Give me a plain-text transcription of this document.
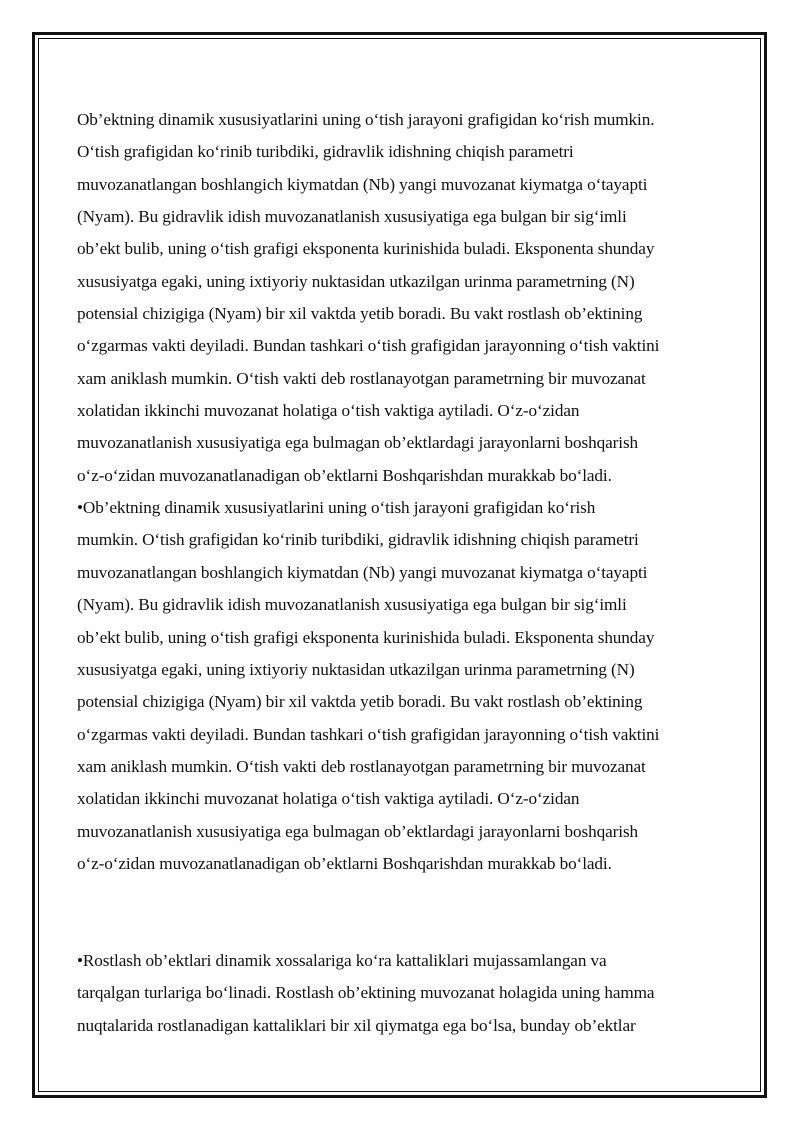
Ob’ektning dinamik xususiyatlarini uning o‘tish jarayoni grafigidan ko‘rish mumkin.
O‘tish grafigidan ko‘rinib turibdiki, gidravlik idishning chiqish parametri
muvozanatlangan boshlangich kiymatdan (Nb) yangi muvozanat kiymatga o‘tayapti
(Nyam). Bu gidravlik idish muvozanatlanish xususiyatiga ega bulgan bir sig‘imli
ob’ekt bulib, uning o‘tish grafigi eksponenta kurinishida buladi. Eksponenta shunday
xususiyatga egaki, uning ixtiyoriy nuktasidan utkazilgan urinma parametrning (N)
potensial chizigiga (Nyam) bir xil vaktda yetib boradi. Bu vakt rostlash ob’ektining
o‘zgarmas vakti deyiladi. Bundan tashkari o‘tish grafigidan jarayonning o‘tish vaktini
xam aniklash mumkin. O‘tish vakti deb rostlanayotgan parametrning bir muvozanat
xolatidan ikkinchi muvozanat holatiga o‘tish vaktiga aytiladi. O‘z-o‘zidan
muvozanatlanish xususiyatiga ega bulmagan ob’ektlardagi jarayonlarni boshqarish
o‘z-o‘zidan muvozanatlanadigan ob’ektlarni Boshqarishdan murakkab bo‘ladi.

•Ob’ektning dinamik xususiyatlarini uning o‘tish jarayoni grafigidan ko‘rish
mumkin. O‘tish grafigidan ko‘rinib turibdiki, gidravlik idishning chiqish parametri
muvozanatlangan boshlangich kiymatdan (Nb) yangi muvozanat kiymatga o‘tayapti
(Nyam). Bu gidravlik idish muvozanatlanish xususiyatiga ega bulgan bir sig‘imli
ob’ekt bulib, uning o‘tish grafigi eksponenta kurinishida buladi. Eksponenta shunday
xususiyatga egaki, uning ixtiyoriy nuktasidan utkazilgan urinma parametrning (N)
potensial chizigiga (Nyam) bir xil vaktda yetib boradi. Bu vakt rostlash ob’ektining
o‘zgarmas vakti deyiladi. Bundan tashkari o‘tish grafigidan jarayonning o‘tish vaktini
xam aniklash mumkin. O‘tish vakti deb rostlanayotgan parametrning bir muvozanat
xolatidan ikkinchi muvozanat holatiga o‘tish vaktiga aytiladi. O‘z-o‘zidan
muvozanatlanish xususiyatiga ega bulmagan ob’ektlardagi jarayonlarni boshqarish
o‘z-o‘zidan muvozanatlanadigan ob’ektlarni Boshqarishdan murakkab bo‘ladi.

•Rostlash ob’ektlari dinamik xossalariga ko‘ra kattaliklari mujassamlangan va
tarqalgan turlariga bo‘linadi. Rostlash ob’ektining muvozanat holagida uning hamma
nuqtalarida rostlanadigan kattaliklari bir xil qiymatga ega bo‘lsa, bunday ob’ektlar
